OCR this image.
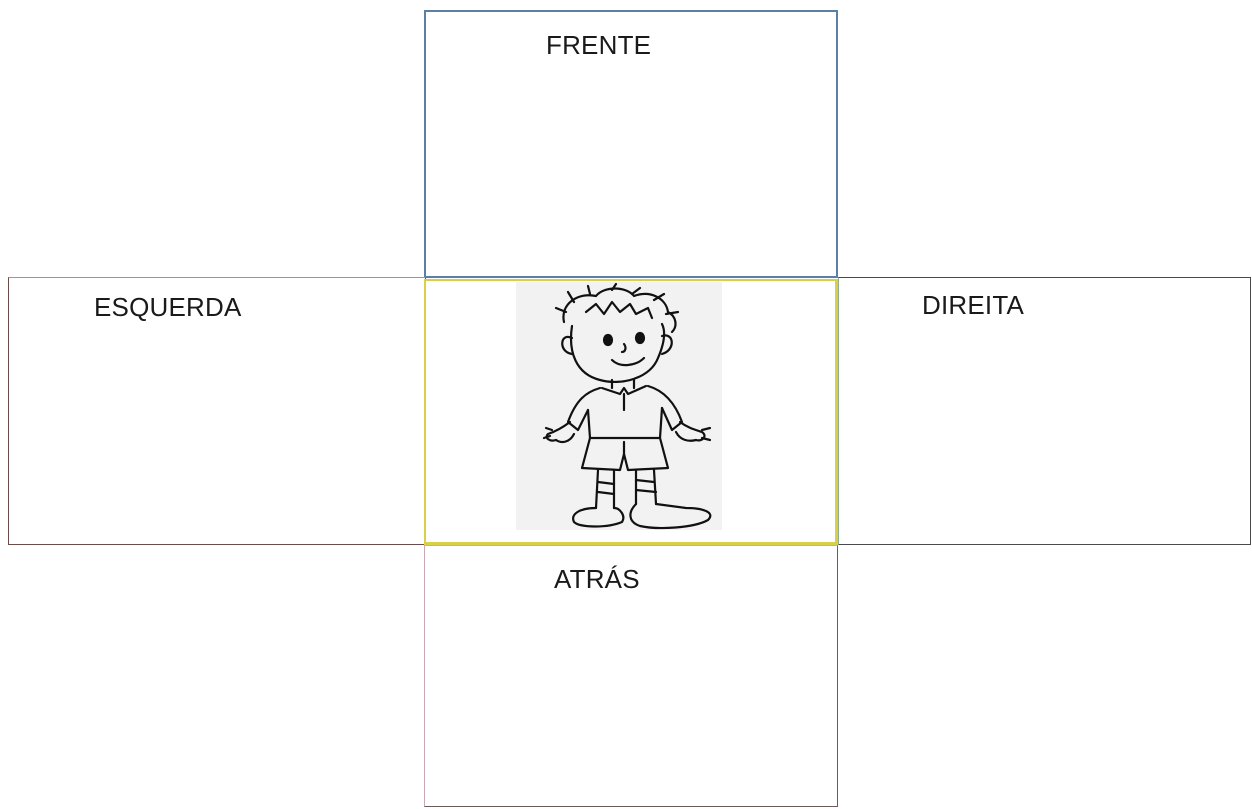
FRENTE
ESQUERDA	DIREITA
ATRÁS
